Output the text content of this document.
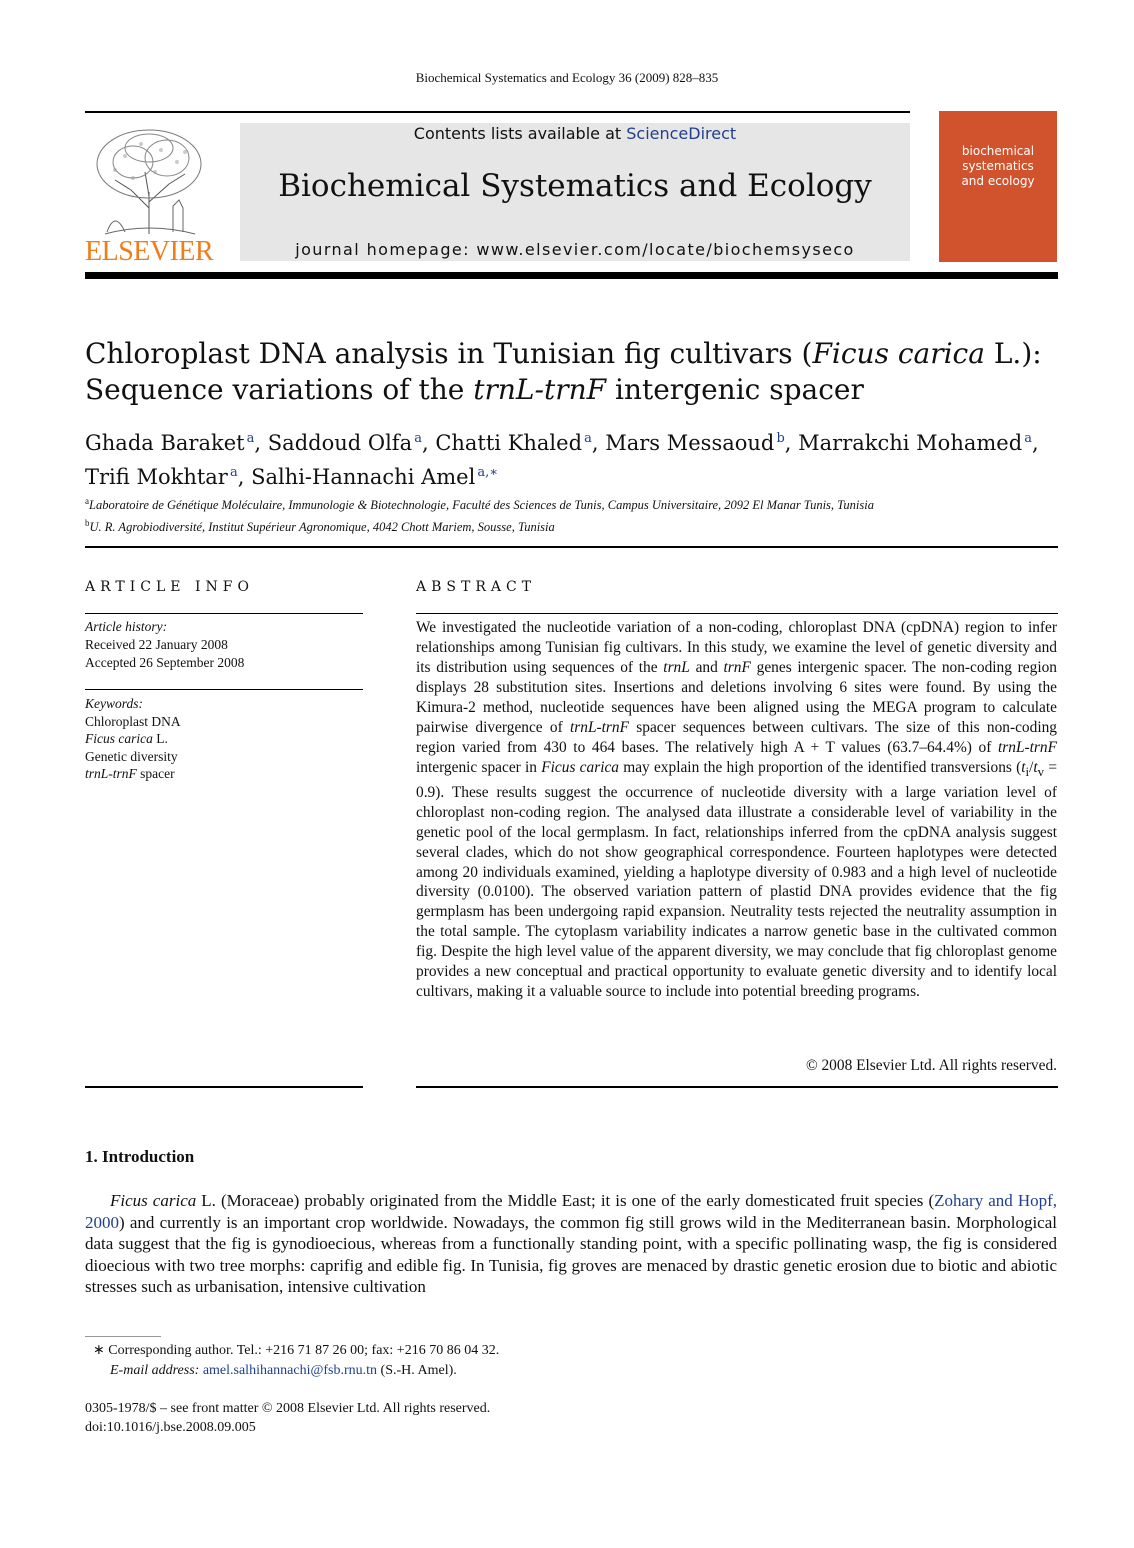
Biochemical Systematics and Ecology 36 (2009) 828–835
ELSEVIER
Contents lists available at ScienceDirect
Biochemical Systematics and Ecology
journal homepage: www.elsevier.com/locate/biochemsyseco
biochemical
systematics
and ecology
Chloroplast DNA analysis in Tunisian fig cultivars (Ficus carica L.):
Sequence variations of the trnL-trnF intergenic spacer
Ghada Baraket  $^a$, Saddoud Olfa  $^a$, Chatti Khaled  $^a$, Mars Messaoud  $^b$, Marrakchi Mohamed  $^a$,
Trifi Mokhtar  $^a$, Salhi-Hannachi Amel  $^{a,∗}$
$^a$Laboratoire de Génétique Moléculaire, Immunologie & Biotechnologie, Faculté des Sciences de Tunis, Campus Universitaire, 2092 El Manar Tunis, Tunisia
$^b$U. R. Agrobiodiversité, Institut Supérieur Agronomique, 4042 Chott Mariem, Sousse, Tunisia
ARTICLE INFO
Article history:
Received 22 January 2008
Accepted 26 September 2008
Keywords:
Chloroplast DNA
Ficus carica L.
Genetic diversity
trnL-trnF spacer
ABSTRACT
We investigated the nucleotide variation of a non-coding, chloroplast DNA (cpDNA) region to infer relationships among Tunisian fig cultivars. In this study, we examine the level of genetic diversity and its distribution using sequences of the trnL and trnF genes intergenic spacer. The non-coding region displays 28 substitution sites. Insertions and deletions involving 6 sites were found. By using the Kimura-2 method, nucleotide sequences have been aligned using the MEGA program to calculate pairwise divergence of trnL-trnF spacer sequences between cultivars. The size of this non-coding region varied from 430 to 464 bases. The relatively high A + T values (63.7–64.4%) of trnL-trnF intergenic spacer in Ficus carica may explain the high proportion of the identified transversions $(t_i/t_v = 0.9)$. These results suggest the occurrence of nucleotide diversity with a large variation level of chloroplast non-coding region. The analysed data illustrate a considerable level of variability in the genetic pool of the local germplasm. In fact, relationships inferred from the cpDNA analysis suggest several clades, which do not show geographical correspondence. Fourteen haplotypes were detected among 20 individuals examined, yielding a haplotype diversity of 0.983 and a high level of nucleotide diversity (0.0100). The observed variation pattern of plastid DNA provides evidence that the fig germplasm has been undergoing rapid expansion. Neutrality tests rejected the neutrality assumption in the total sample. The cytoplasm variability indicates a narrow genetic base in the cultivated common fig. Despite the high level value of the apparent diversity, we may conclude that fig chloroplast genome provides a new conceptual and practical opportunity to evaluate genetic diversity and to identify local cultivars, making it a valuable source to include into potential breeding programs.
© 2008 Elsevier Ltd. All rights reserved.
1. Introduction
Ficus carica L. (Moraceae) probably originated from the Middle East; it is one of the early domesticated fruit species (Zohary and Hopf, 2000) and currently is an important crop worldwide. Nowadays, the common fig still grows wild in the Mediterranean basin. Morphological data suggest that the fig is gynodioecious, whereas from a functionally standing point, with a specific pollinating wasp, the fig is considered dioecious with two tree morphs: caprifig and edible fig. In Tunisia, fig groves are menaced by drastic genetic erosion due to biotic and abiotic stresses such as urbanisation, intensive cultivation
∗ Corresponding author. Tel.: +216 71 87 26 00; fax: +216 70 86 04 32.
E-mail address: amel.salhihannachi@fsb.rnu.tn (S.-H. Amel).
0305-1978/$ – see front matter © 2008 Elsevier Ltd. All rights reserved.
doi:10.1016/j.bse.2008.09.005
